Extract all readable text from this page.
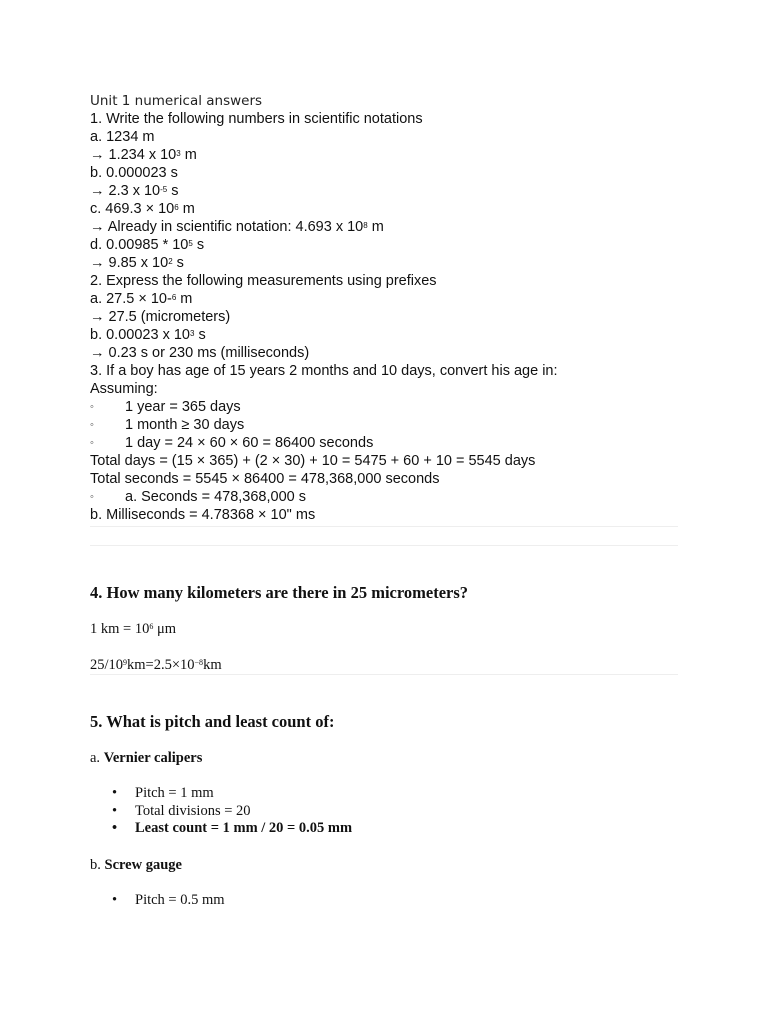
Unit 1 numerical answers
1. Write the following numbers in scientific notations
a. 1234 m
→ 1.234 x $10^3$ m
b. 0.000023 s
→ 2.3 x $10^{-5}$ s
c. $469.3 \times 10^6$ m
→ Already in scientific notation: 4.693 x $10^8$ m
d. $0.00985 * 10^5$ s
→ 9.85 x $10^2$ s
2. Express the following measurements using prefixes
a. 27.5 × 10-$^6$ m
→ 27.5 (micrometers)
b. 0.00023 x $10^3$ s
→ 0.23 s or 230 ms (milliseconds)
3. If a boy has age of 15 years 2 months and 10 days, convert his age in:
Assuming:
◦	1 year = 365 days
◦	1 month ≥ 30 days
◦	1 day = 24 × 60 × 60 = 86400 seconds
Total days = (15 × 365) + (2 × 30) + 10 = 5475 + 60 + 10 = 5545 days
Total seconds = 5545 × 86400 = 478,368,000 seconds
◦	a. Seconds = 478,368,000 s
b. Milliseconds = 4.78368 × 10" ms
4. How many kilometers are there in 25 micrometers?
1 km = $10^6$ μm
$25/10^9km=2.5\times 10^{-8}km$
5. What is pitch and least count of:
a. Vernier calipers
•	Pitch = 1 mm
•	Total divisions = 20
•	Least count = 1 mm / 20 = 0.05 mm
b. Screw gauge
•	Pitch = 0.5 mm
